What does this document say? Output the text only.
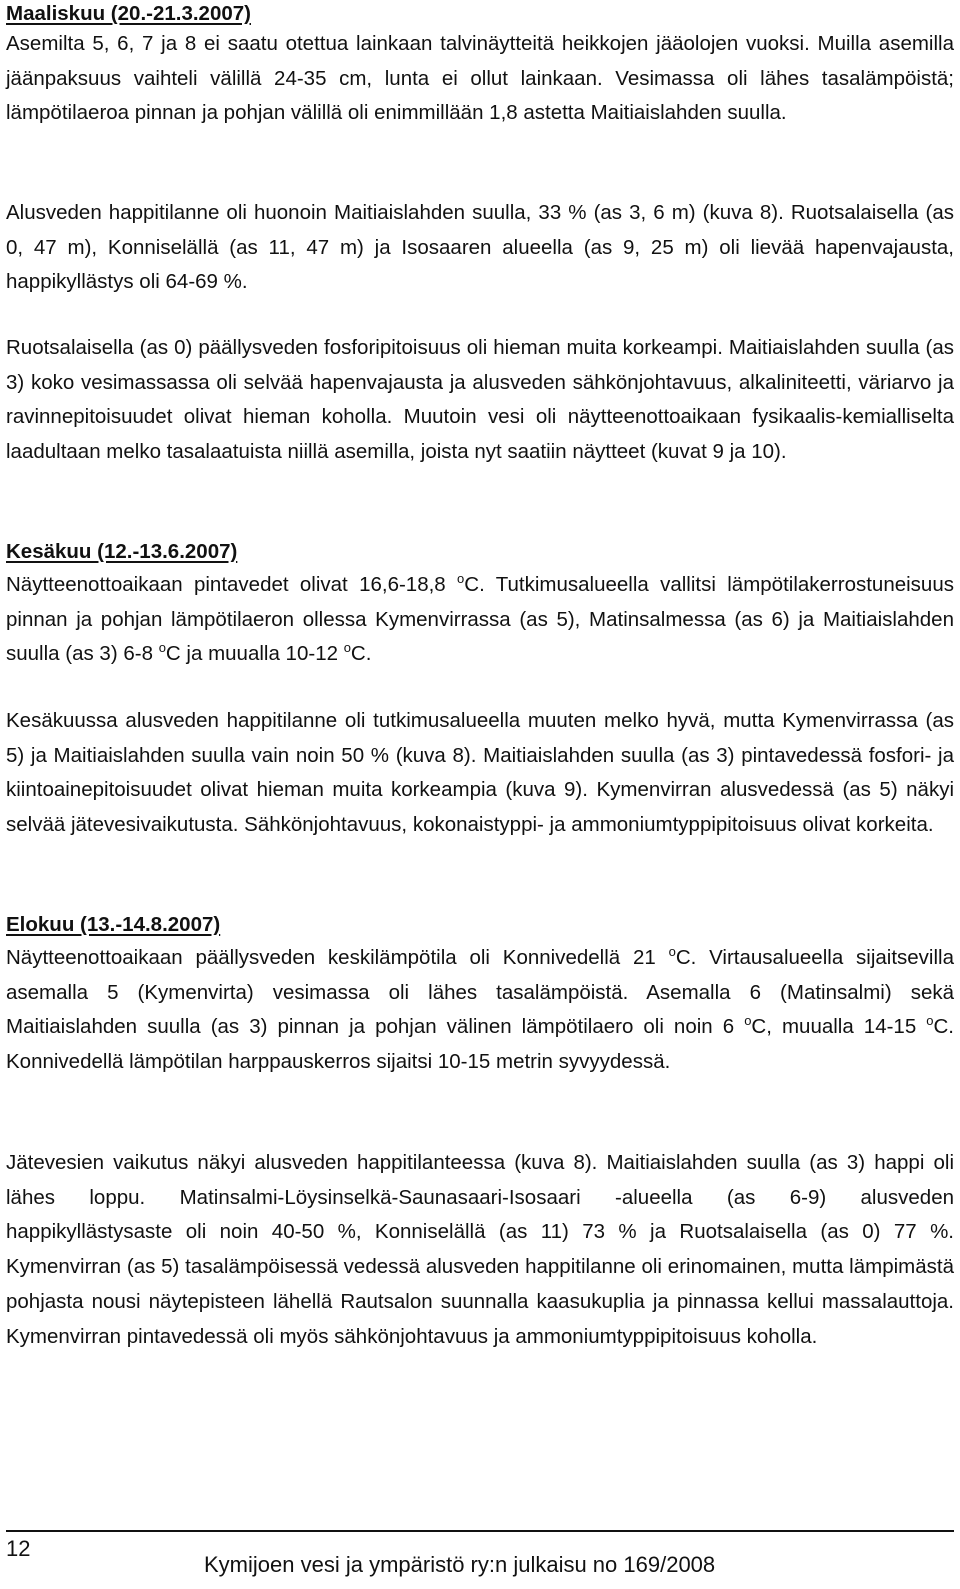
Maaliskuu (20.-21.3.2007)

Asemilta 5, 6, 7 ja 8 ei saatu otettua lainkaan talvinäytteitä heikkojen jääolojen vuoksi. Muilla asemilla jäänpaksuus vaihteli välillä 24-35 cm, lunta ei ollut lainkaan. Vesimassa oli lähes tasalämpöistä; lämpötilaeroa pinnan ja pohjan välillä oli enimmillään 1,8 astetta Maitiaislahden suulla.

Alusveden happitilanne oli huonoin Maitiaislahden suulla, 33 % (as 3, 6 m) (kuva 8). Ruotsalaisella (as 0, 47 m), Konniselällä (as 11, 47 m) ja Isosaaren alueella (as 9, 25 m) oli lievää hapenvajausta, happikyllästys oli 64-69 %.

Ruotsalaisella (as 0) päällysveden fosforipitoisuus oli hieman muita korkeampi. Maitiaislahden suulla (as 3) koko vesimassassa oli selvää hapenvajausta ja alusveden sähkönjohtavuus, alkaliniteetti, väriarvo ja ravinnepitoisuudet olivat hieman koholla. Muutoin vesi oli näytteenottoaikaan fysikaalis-kemialliselta laadultaan melko tasalaatuista niillä asemilla, joista nyt saatiin näytteet (kuvat 9 ja 10).

Kesäkuu (12.-13.6.2007)

Näytteenottoaikaan pintavedet olivat 16,6-18,8 $^o$C. Tutkimusalueella vallitsi lämpötilakerrostuneisuus pinnan ja pohjan lämpötilaeron ollessa Kymenvirrassa (as 5), Matinsalmessa (as 6) ja Maitiaislahden suulla (as 3) 6-8 $^o$C ja muualla 10-12 $^o$C.

Kesäkuussa alusveden happitilanne oli tutkimusalueella muuten melko hyvä, mutta Kymenvirrassa (as 5) ja Maitiaislahden suulla vain noin 50 % (kuva 8). Maitiaislahden suulla (as 3) pintavedessä fosfori- ja kiintoainepitoisuudet olivat hieman muita korkeampia (kuva 9). Kymenvirran alusvedessä (as 5) näkyi selvää jätevesivaikutusta. Sähkönjohtavuus, kokonaistyppi- ja ammoniumtyppipitoisuus olivat korkeita.

Elokuu (13.-14.8.2007)

Näytteenottoaikaan päällysveden keskilämpötila oli Konnivedellä 21 $^o$C. Virtausalueella sijaitsevilla asemalla 5 (Kymenvirta) vesimassa oli lähes tasalämpöistä. Asemalla 6 (Matinsalmi) sekä Maitiaislahden suulla (as 3) pinnan ja pohjan välinen lämpötilaero oli noin 6 $^o$C, muualla 14-15 $^o$C. Konnivedellä lämpötilan harppauskerros sijaitsi 10-15 metrin syvyydessä.

Jätevesien vaikutus näkyi alusveden happitilanteessa (kuva 8). Maitiaislahden suulla (as 3) happi oli lähes loppu. Matinsalmi-Löysinselkä-Saunasaari-Isosaari -alueella (as 6-9) alusveden happikyllästysaste oli noin 40-50 %, Konniselällä (as 11) 73 % ja Ruotsalaisella (as 0) 77 %. Kymenvirran (as 5) tasalämpöisessä vedessä alusveden happitilanne oli erinomainen, mutta lämpimästä pohjasta nousi näytepisteen lähellä Rautsalon suunnalla kaasukuplia ja pinnassa kellui massalauttoja. Kymenvirran pintavedessä oli myös sähkönjohtavuus ja ammoniumtyppipitoisuus koholla.

12
Kymijoen vesi ja ympäristö ry:n julkaisu no 169/2008
